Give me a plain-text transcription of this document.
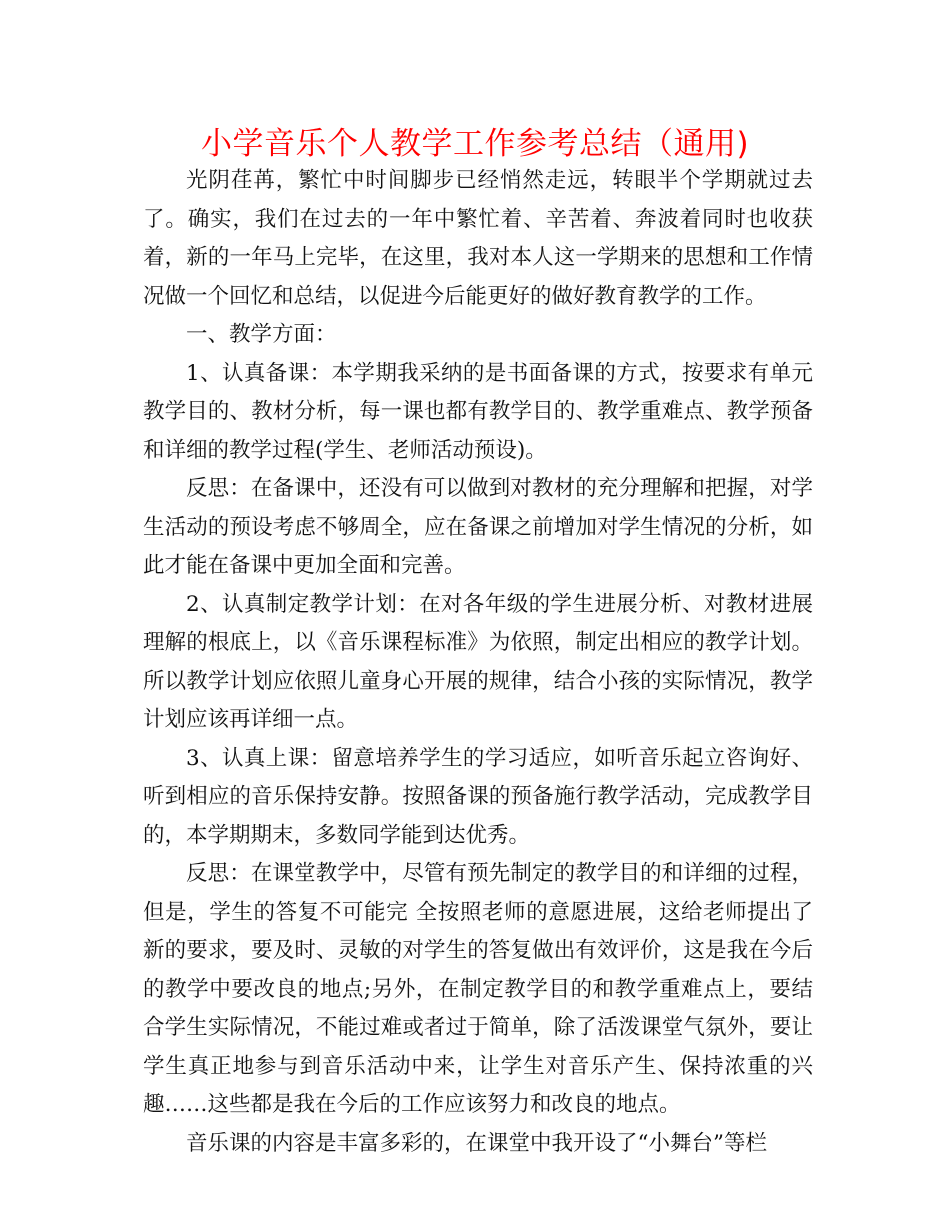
小学音乐个人教学工作参考总结（通用)

光阴荏苒，繁忙中时间脚步已经悄然走远，转眼半个学期就过去了。确实，我们在过去的一年中繁忙着、辛苦着、奔波着同时也收获着，新的一年马上完毕，在这里，我对本人这一学期来的思想和工作情况做一个回忆和总结，以促进今后能更好的做好教育教学的工作。

一、教学方面：

1、认真备课：本学期我采纳的是书面备课的方式，按要求有单元教学目的、教材分析，每一课也都有教学目的、教学重难点、教学预备和详细的教学过程(学生、老师活动预设)。

反思：在备课中，还没有可以做到对教材的充分理解和把握，对学生活动的预设考虑不够周全，应在备课之前增加对学生情况的分析，如此才能在备课中更加全面和完善。

2、认真制定教学计划：在对各年级的学生进展分析、对教材进展理解的根底上，以《音乐课程标准》为依照，制定出相应的教学计划。所以教学计划应依照儿童身心开展的规律，结合小孩的实际情况，教学计划应该再详细一点。

3、认真上课：留意培养学生的学习适应，如听音乐起立咨询好、听到相应的音乐保持安静。按照备课的预备施行教学活动，完成教学目的，本学期期末，多数同学能到达优秀。

反思：在课堂教学中，尽管有预先制定的教学目的和详细的过程，但是，学生的答复不可能完 全按照老师的意愿进展，这给老师提出了新的要求，要及时、灵敏的对学生的答复做出有效评价，这是我在今后的教学中要改良的地点;另外，在制定教学目的和教学重难点上，要结合学生实际情况，不能过难或者过于简单，除了活泼课堂气氛外，要让学生真正地参与到音乐活动中来，让学生对音乐产生、保持浓重的兴趣……这些都是我在今后的工作应该努力和改良的地点。

音乐课的内容是丰富多彩的，在课堂中我开设了“小舞台”等栏
